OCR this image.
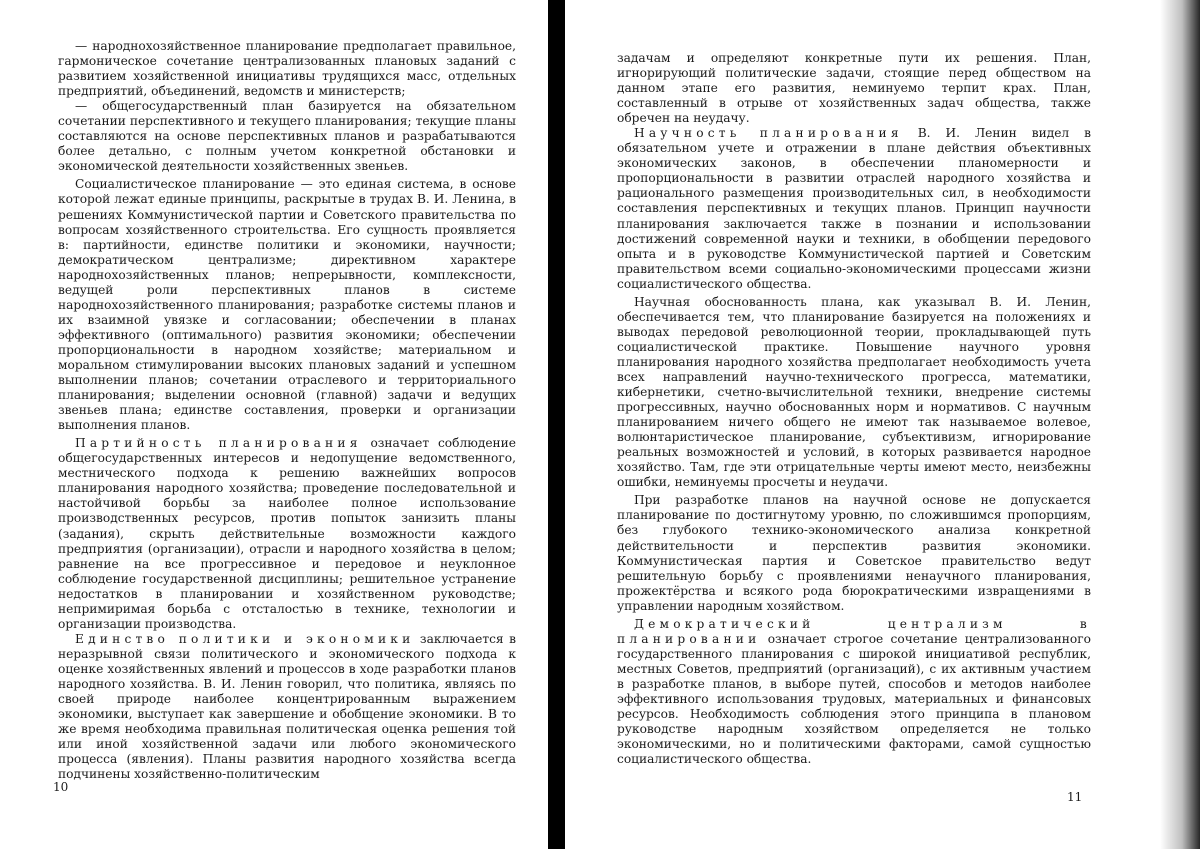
— народнохозяйственное планирование предполагает правильное, гармоническое сочетание централизованных плановых заданий с развитием хозяйственной инициативы трудящихся масс, отдельных предприятий, объединений, ведомств и министерств;

— общегосударственный план базируется на обязательном сочетании перспективного и текущего планирования; текущие планы составляются на основе перспективных планов и разрабатываются более детально, с полным учетом конкретной обстановки и экономической деятельности хозяйственных звеньев.

Социалистическое планирование — это единая система, в основе которой лежат единые принципы, раскрытые в трудах В. И. Ленина, в решениях Коммунистической партии и Советского правительства по вопросам хозяйственного строительства. Его сущность проявляется в: партийности, единстве политики и экономики, научности; демократическом централизме; директивном характере народнохозяйственных планов; непрерывности, комплексности, ведущей роли перспективных планов в системе народнохозяйственного планирования; разработке системы планов и их взаимной увязке и согласовании; обеспечении в планах эффективного (оптимального) развития экономики; обеспечении пропорциональности в народном хозяйстве; материальном и моральном стимулировании высоких плановых заданий и успешном выполнении планов; сочетании отраслевого и территориального планирования; выделении основной (главной) задачи и ведущих звеньев плана; единстве составления, проверки и организации выполнения планов.

Партийность планирования означает соблюдение общегосударственных интересов и недопущение ведомственного, местнического подхода к решению важнейших вопросов планирования народного хозяйства; проведение последовательной и настойчивой борьбы за наиболее полное использование производственных ресурсов, против попыток занизить планы (задания), скрыть действительные возможности каждого предприятия (организации), отрасли и народного хозяйства в целом; равнение на все прогрессивное и передовое и неуклонное соблюдение государственной дисциплины; решительное устранение недостатков в планировании и хозяйственном руководстве; непримиримая борьба с отсталостью в технике, технологии и организации производства.

Единство политики и экономики заключается в неразрывной связи политического и экономического подхода к оценке хозяйственных явлений и процессов в ходе разработки планов народного хозяйства. В. И. Ленин говорил, что политика, являясь по своей природе наиболее концентрированным выражением экономики, выступает как завершение и обобщение экономики. В то же время необходима правильная политическая оценка решения той или иной хозяйственной задачи или любого экономического процесса (явления). Планы развития народного хозяйства всегда подчинены хозяйственно-политическим

10

задачам и определяют конкретные пути их решения. План, игнорирующий политические задачи, стоящие перед обществом на данном этапе его развития, неминуемо терпит крах. План, составленный в отрыве от хозяйственных задач общества, также обречен на неудачу.

Научность планирования В. И. Ленин видел в обязательном учете и отражении в плане действия объективных экономических законов, в обеспечении планомерности и пропорциональности в развитии отраслей народного хозяйства и рационального размещения производительных сил, в необходимости составления перспективных и текущих планов. Принцип научности планирования заключается также в познании и использовании достижений современной науки и техники, в обобщении передового опыта и в руководстве Коммунистической партией и Советским правительством всеми социально-экономическими процессами жизни социалистического общества.

Научная обоснованность плана, как указывал В. И. Ленин, обеспечивается тем, что планирование базируется на положениях и выводах передовой революционной теории, прокладывающей путь социалистической практике. Повышение научного уровня планирования народного хозяйства предполагает необходимость учета всех направлений научно-технического прогресса, математики, кибернетики, счетно-вычислительной техники, внедрение системы прогрессивных, научно обоснованных норм и нормативов. С научным планированием ничего общего не имеют так называемое волевое, волюнтаристическое планирование, субъективизм, игнорирование реальных возможностей и условий, в которых развивается народное хозяйство. Там, где эти отрицательные черты имеют место, неизбежны ошибки, неминуемы просчеты и неудачи.

При разработке планов на научной основе не допускается планирование по достигнутому уровню, по сложившимся пропорциям, без глубокого технико-экономического анализа конкретной действительности и перспектив развития экономики. Коммунистическая партия и Советское правительство ведут решительную борьбу с проявлениями ненаучного планирования, прожектёрства и всякого рода бюрократическими извращениями в управлении народным хозяйством.

Демократический централизм в планировании означает строгое сочетание централизованного государственного планирования с широкой инициативой республик, местных Советов, предприятий (организаций), с их активным участием в разработке планов, в выборе путей, способов и методов наиболее эффективного использования трудовых, материальных и финансовых ресурсов. Необходимость соблюдения этого принципа в плановом руководстве народным хозяйством определяется не только экономическими, но и политическими факторами, самой сущностью социалистического общества.

11
